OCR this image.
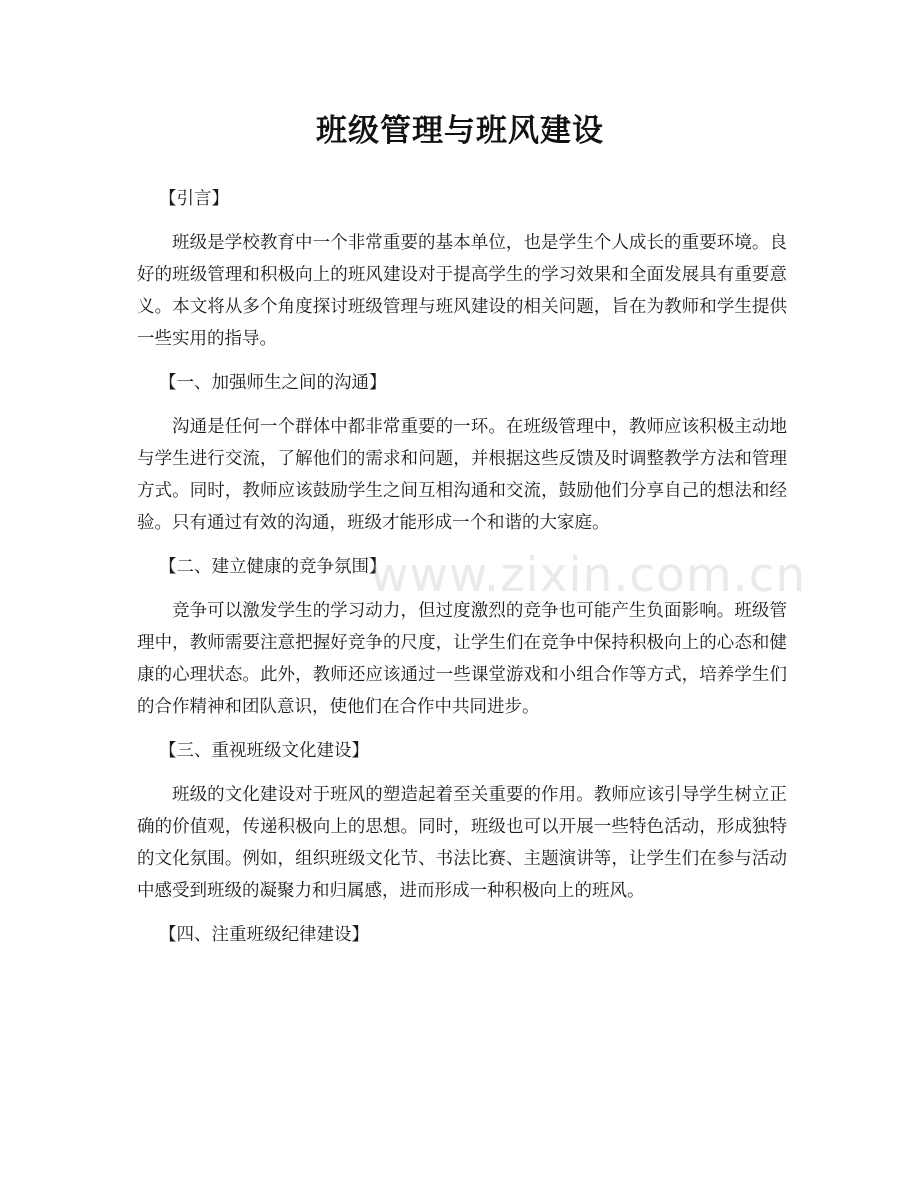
班级管理与班风建设
【引言】

班级是学校教育中一个非常重要的基本单位，也是学生个人成长的重要环境。良好的班级管理和积极向上的班风建设对于提高学生的学习效果和全面发展具有重要意义。本文将从多个角度探讨班级管理与班风建设的相关问题，旨在为教师和学生提供一些实用的指导。

【一、加强师生之间的沟通】

沟通是任何一个群体中都非常重要的一环。在班级管理中，教师应该积极主动地与学生进行交流，了解他们的需求和问题，并根据这些反馈及时调整教学方法和管理方式。同时，教师应该鼓励学生之间互相沟通和交流，鼓励他们分享自己的想法和经验。只有通过有效的沟通，班级才能形成一个和谐的大家庭。

【二、建立健康的竞争氛围】

竞争可以激发学生的学习动力，但过度激烈的竞争也可能产生负面影响。班级管理中，教师需要注意把握好竞争的尺度，让学生们在竞争中保持积极向上的心态和健康的心理状态。此外，教师还应该通过一些课堂游戏和小组合作等方式，培养学生们的合作精神和团队意识，使他们在合作中共同进步。

【三、重视班级文化建设】

班级的文化建设对于班风的塑造起着至关重要的作用。教师应该引导学生树立正确的价值观，传递积极向上的思想。同时，班级也可以开展一些特色活动，形成独特的文化氛围。例如，组织班级文化节、书法比赛、主题演讲等，让学生们在参与活动中感受到班级的凝聚力和归属感，进而形成一种积极向上的班风。

【四、注重班级纪律建设】
www.zixin.com.cn
